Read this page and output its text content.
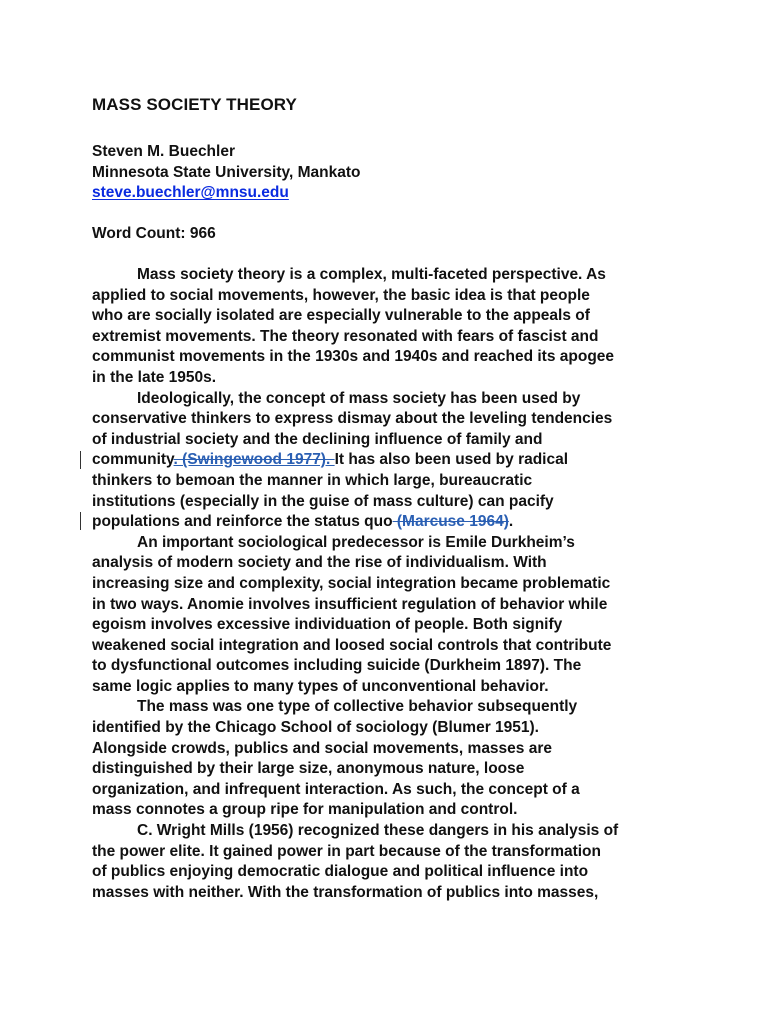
MASS SOCIETY THEORY
Steven M. Buechler
Minnesota State University, Mankato
steve.buechler@mnsu.edu
Word Count: 966
Mass society theory is a complex, multi-faceted perspective. As
applied to social movements, however, the basic idea is that people
who are socially isolated are especially vulnerable to the appeals of
extremist movements. The theory resonated with fears of fascist and
communist movements in the 1930s and 1940s and reached its apogee
in the late 1950s.
Ideologically, the concept of mass society has been used by
conservative thinkers to express dismay about the leveling tendencies
of industrial society and the declining influence of family and
community. (Swingewood 1977). It has also been used by radical
thinkers to bemoan the manner in which large, bureaucratic
institutions (especially in the guise of mass culture) can pacify
populations and reinforce the status quo (Marcuse 1964).
An important sociological predecessor is Emile Durkheim’s
analysis of modern society and the rise of individualism. With
increasing size and complexity, social integration became problematic
in two ways. Anomie involves insufficient regulation of behavior while
egoism involves excessive individuation of people. Both signify
weakened social integration and loosed social controls that contribute
to dysfunctional outcomes including suicide (Durkheim 1897). The
same logic applies to many types of unconventional behavior.
The mass was one type of collective behavior subsequently
identified by the Chicago School of sociology (Blumer 1951).
Alongside crowds, publics and social movements, masses are
distinguished by their large size, anonymous nature, loose
organization, and infrequent interaction. As such, the concept of a
mass connotes a group ripe for manipulation and control.
C. Wright Mills (1956) recognized these dangers in his analysis of
the power elite. It gained power in part because of the transformation
of publics enjoying democratic dialogue and political influence into
masses with neither. With the transformation of publics into masses,
